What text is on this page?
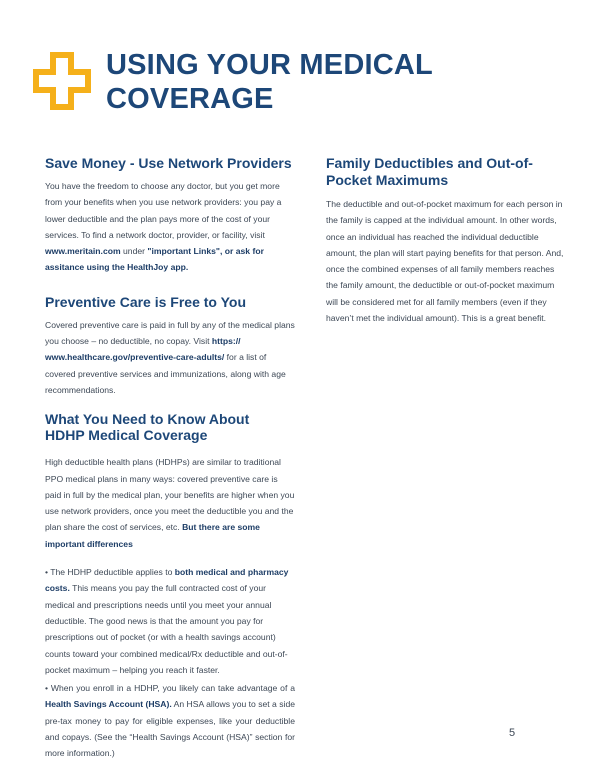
USING YOUR MEDICAL
COVERAGE
Save Money - Use Network Providers

You have the freedom to choose any doctor, but you get more from your benefits when you use network providers: you pay a lower deductible and the plan pays more of the cost of your services. To find a network doctor, provider, or facility, visit www.meritain.com under "important Links", or ask for assitance using the HealthJoy app.

Preventive Care is Free to You

Covered preventive care is paid in full by any of the medical plans you choose – no deductible, no copay. Visit https://​www.healthcare.gov/preventive-care-adults/ for a list of covered preventive services and immunizations, along with age recommendations.

What You Need to Know About
HDHP Medical Coverage

High deductible health plans (HDHPs) are similar to traditional PPO medical plans in many ways: covered preventive care is paid in full by the medical plan, your benefits are higher when you use network providers, once you meet the deductible you and the plan share the cost of services, etc. But there are some important differences

• The HDHP deductible applies to both medical and pharmacy costs. This means you pay the full contracted cost of your medical and prescriptions needs until you meet your annual deductible. The good news is that the amount you pay for prescriptions out of pocket (or with a health savings account) counts toward your combined medical/Rx deductible and out-of-pocket maximum – helping you reach it faster.

• When you enroll in a HDHP, you likely can take advantage of a Health Savings Account (HSA). An HSA allows you to set a side pre-tax money to pay for eligible expenses, like your deductible and copays. (See the “Health Savings Account (HSA)” section for more information.)

Family Deductibles and Out-of-Pocket Maximums

The deductible and out-of-pocket maximum for each person in the family is capped at the individual amount. In other words, once an individual has reached the individual deductible amount, the plan will start paying benefits for that person. And, once the combined expenses of all family members reaches the family amount, the deductible or out-of-pocket maximum will be considered met for all family members (even if they haven’t met the individual amount). This is a great benefit.

5
